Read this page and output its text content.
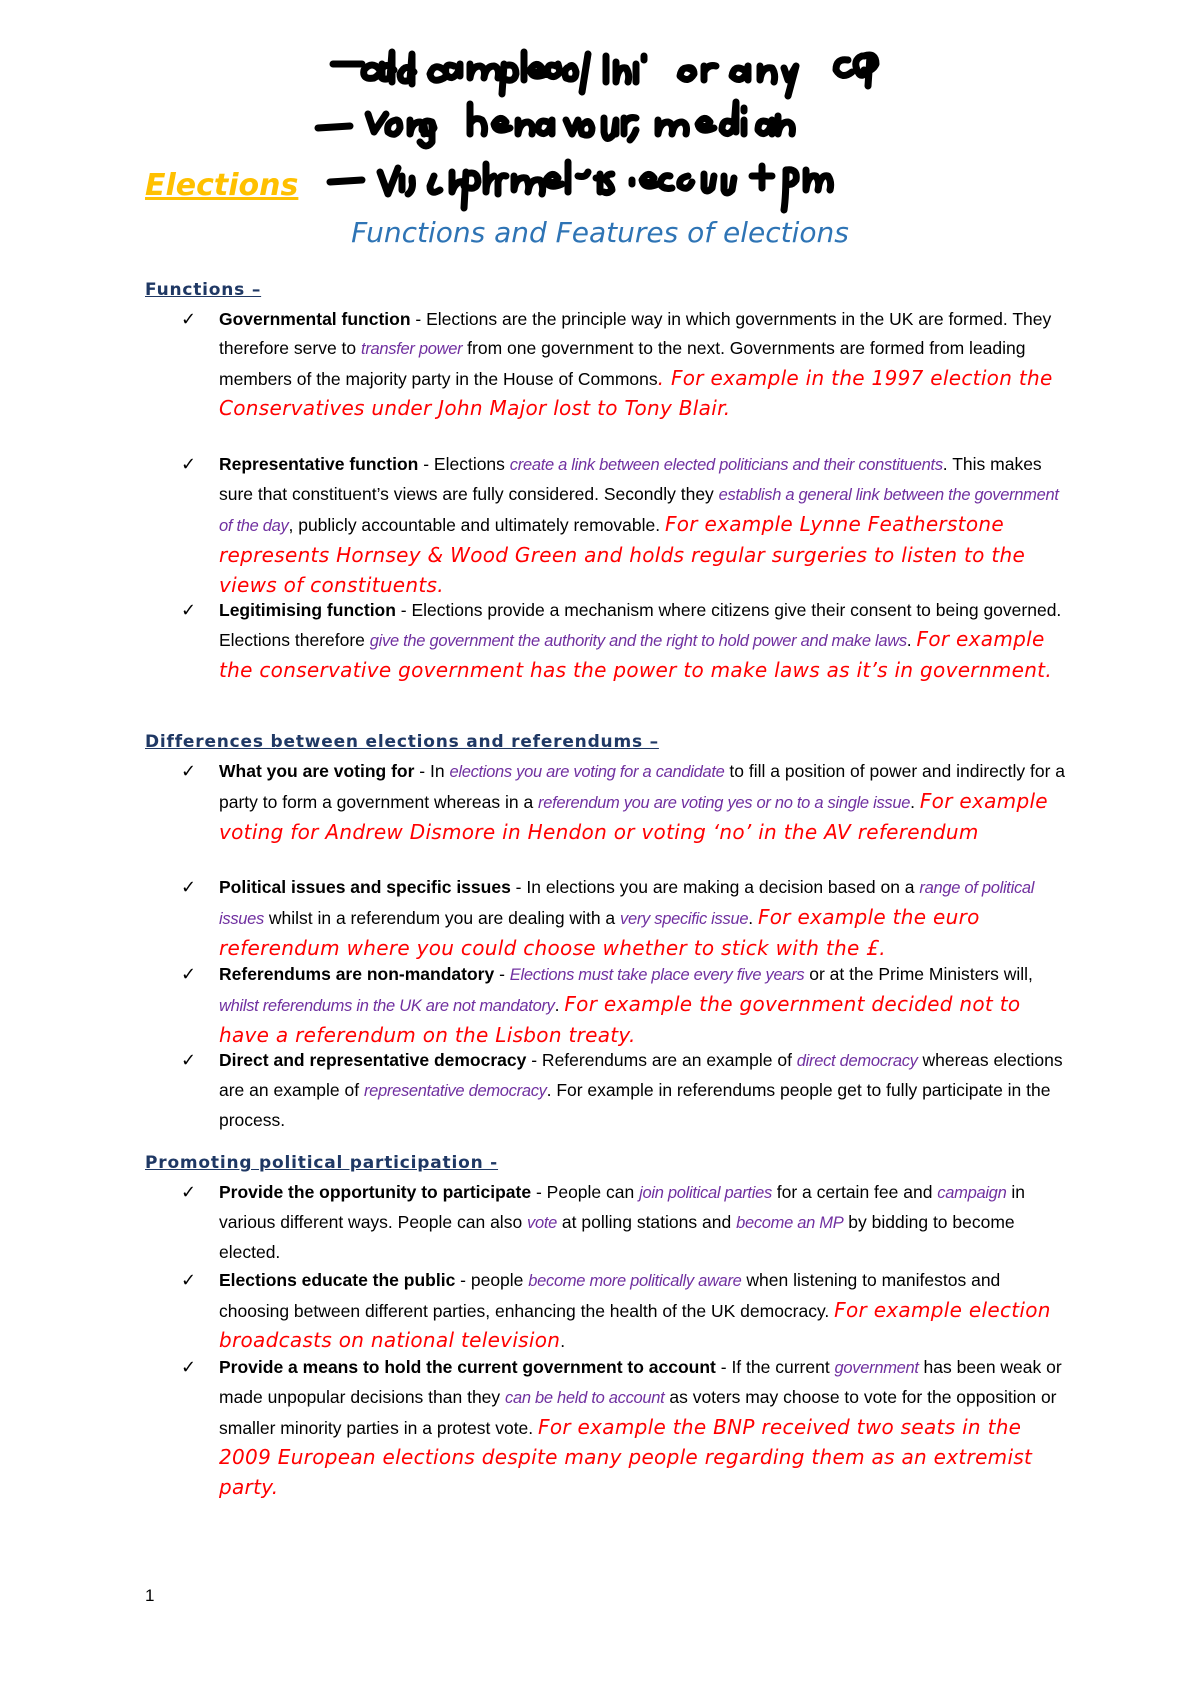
Elections
Functions and Features of elections
Functions –
✓ Governmental function - Elections are the principle way in which governments in the UK are formed. They therefore serve to transfer power from one government to the next. Governments are formed from leading members of the majority party in the House of Commons. For example in the 1997 election the Conservatives under John Major lost to Tony Blair.
✓ Representative function - Elections create a link between elected politicians and their constituents. This makes sure that constituent’s views are fully considered. Secondly they establish a general link between the government of the day, publicly accountable and ultimately removable. For example Lynne Featherstone represents Hornsey & Wood Green and holds regular surgeries to listen to the views of constituents.
✓ Legitimising function - Elections provide a mechanism where citizens give their consent to being governed. Elections therefore give the government the authority and the right to hold power and make laws. For example the conservative government has the power to make laws as it’s in government.
Differences between elections and referendums –
✓ What you are voting for - In elections you are voting for a candidate to fill a position of power and indirectly for a party to form a government whereas in a referendum you are voting yes or no to a single issue. For example voting for Andrew Dismore in Hendon or voting ‘no’ in the AV referendum
✓ Political issues and specific issues - In elections you are making a decision based on a range of political issues whilst in a referendum you are dealing with a very specific issue. For example the euro referendum where you could choose whether to stick with the £.
✓ Referendums are non-mandatory - Elections must take place every five years or at the Prime Ministers will, whilst referendums in the UK are not mandatory. For example the government decided not to have a referendum on the Lisbon treaty.
✓ Direct and representative democracy - Referendums are an example of direct democracy whereas elections are an example of representative democracy. For example in referendums people get to fully participate in the process.
Promoting political participation -
✓ Provide the opportunity to participate - People can join political parties for a certain fee and campaign in various different ways. People can also vote at polling stations and become an MP by bidding to become elected.
✓ Elections educate the public - people become more politically aware when listening to manifestos and choosing between different parties, enhancing the health of the UK democracy. For example election broadcasts on national television.
✓ Provide a means to hold the current government to account - If the current government has been weak or made unpopular decisions than they can be held to account as voters may choose to vote for the opposition or smaller minority parties in a protest vote. For example the BNP received two seats in the 2009 European elections despite many people regarding them as an extremist party.
1
